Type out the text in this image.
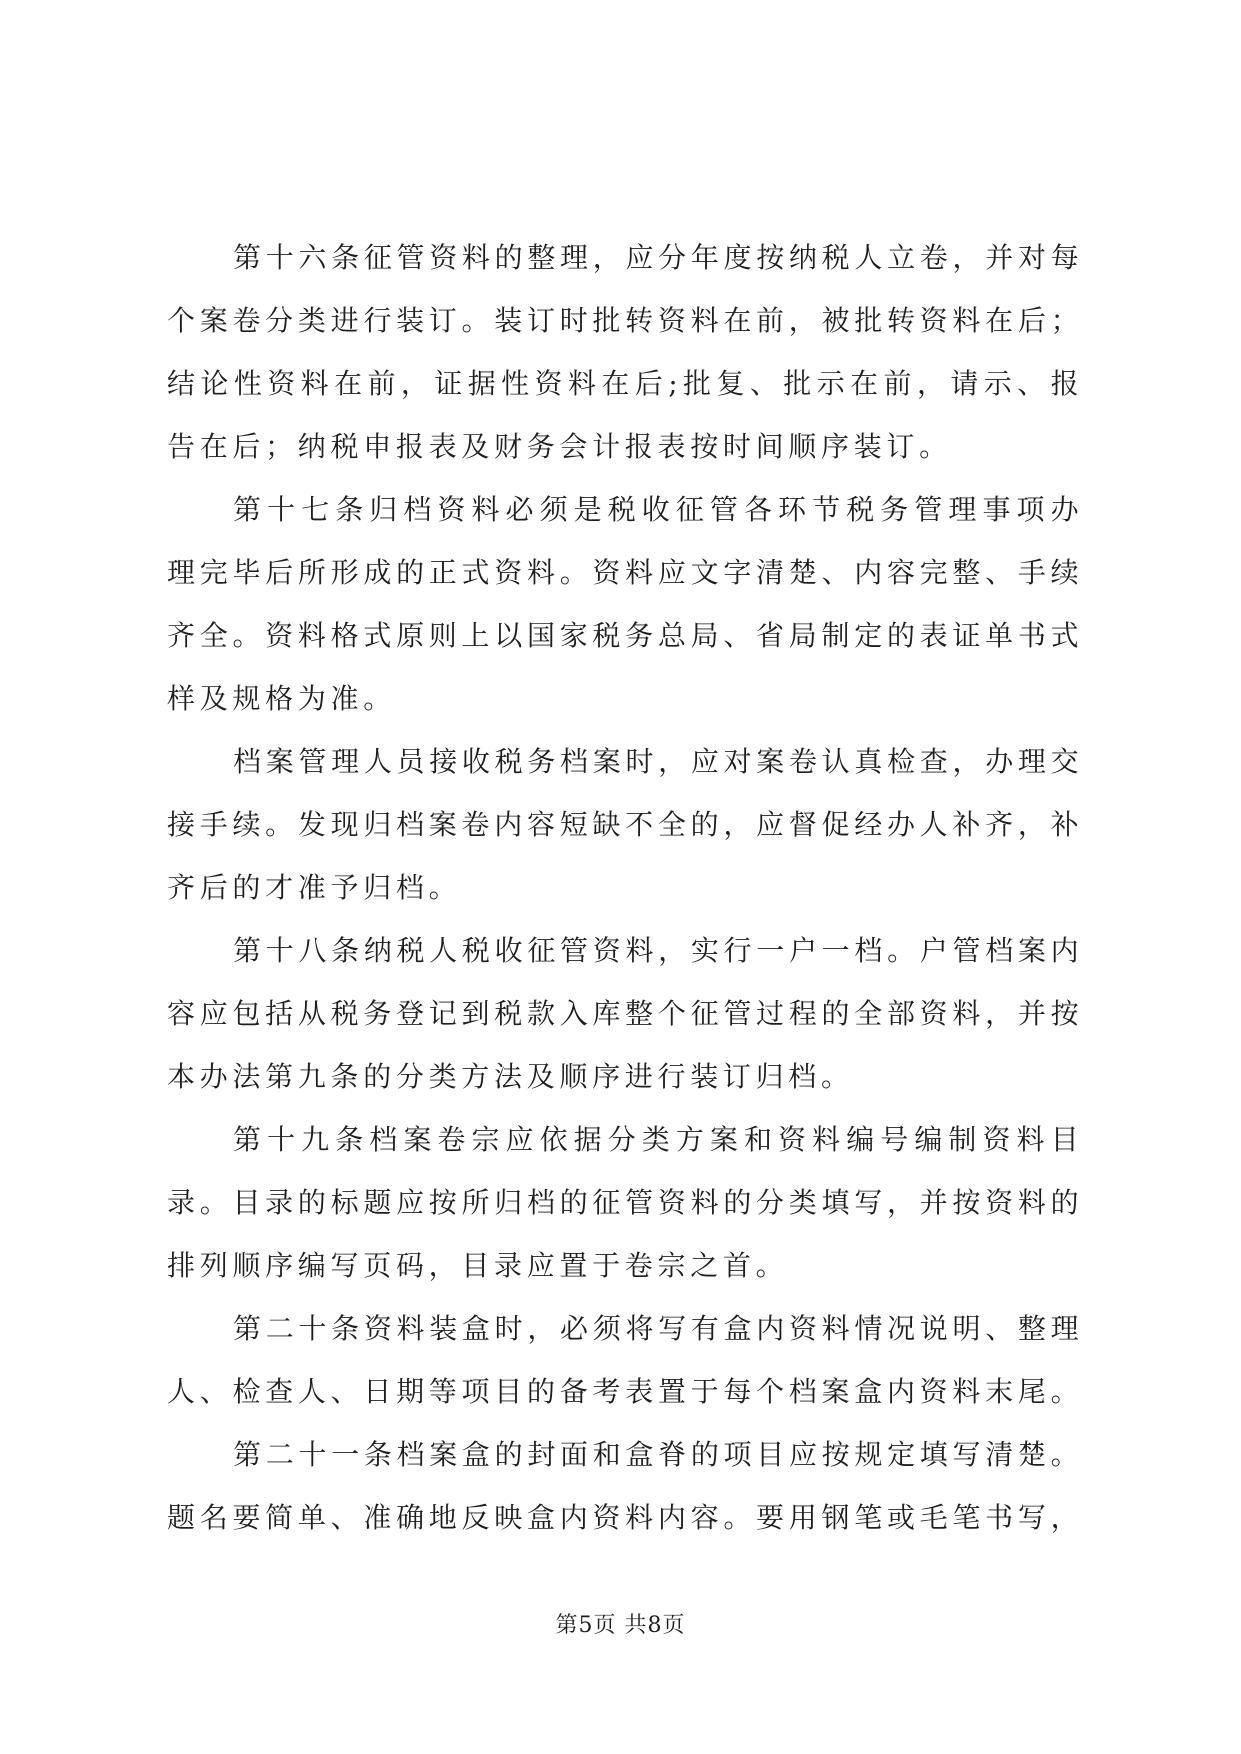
第十六条征管资料的整理，应分年度按纳税人立卷，并对每
个案卷分类进行装订。装订时批转资料在前，被批转资料在后；
结论性资料在前，证据性资料在后;批复、批示在前，请示、报
告在后；纳税申报表及财务会计报表按时间顺序装订。
第十七条归档资料必须是税收征管各环节税务管理事项办
理完毕后所形成的正式资料。资料应文字清楚、内容完整、手续
齐全。资料格式原则上以国家税务总局、省局制定的表证单书式
样及规格为准。
档案管理人员接收税务档案时，应对案卷认真检查，办理交
接手续。发现归档案卷内容短缺不全的，应督促经办人补齐，补
齐后的才准予归档。
第十八条纳税人税收征管资料，实行一户一档。户管档案内
容应包括从税务登记到税款入库整个征管过程的全部资料，并按
本办法第九条的分类方法及顺序进行装订归档。
第十九条档案卷宗应依据分类方案和资料编号编制资料目
录。目录的标题应按所归档的征管资料的分类填写，并按资料的
排列顺序编写页码，目录应置于卷宗之首。
第二十条资料装盒时，必须将写有盒内资料情况说明、整理
人、检查人、日期等项目的备考表置于每个档案盒内资料末尾。
第二十一条档案盒的封面和盒脊的项目应按规定填写清楚。
题名要简单、准确地反映盒内资料内容。要用钢笔或毛笔书写，
第5页 共8页
